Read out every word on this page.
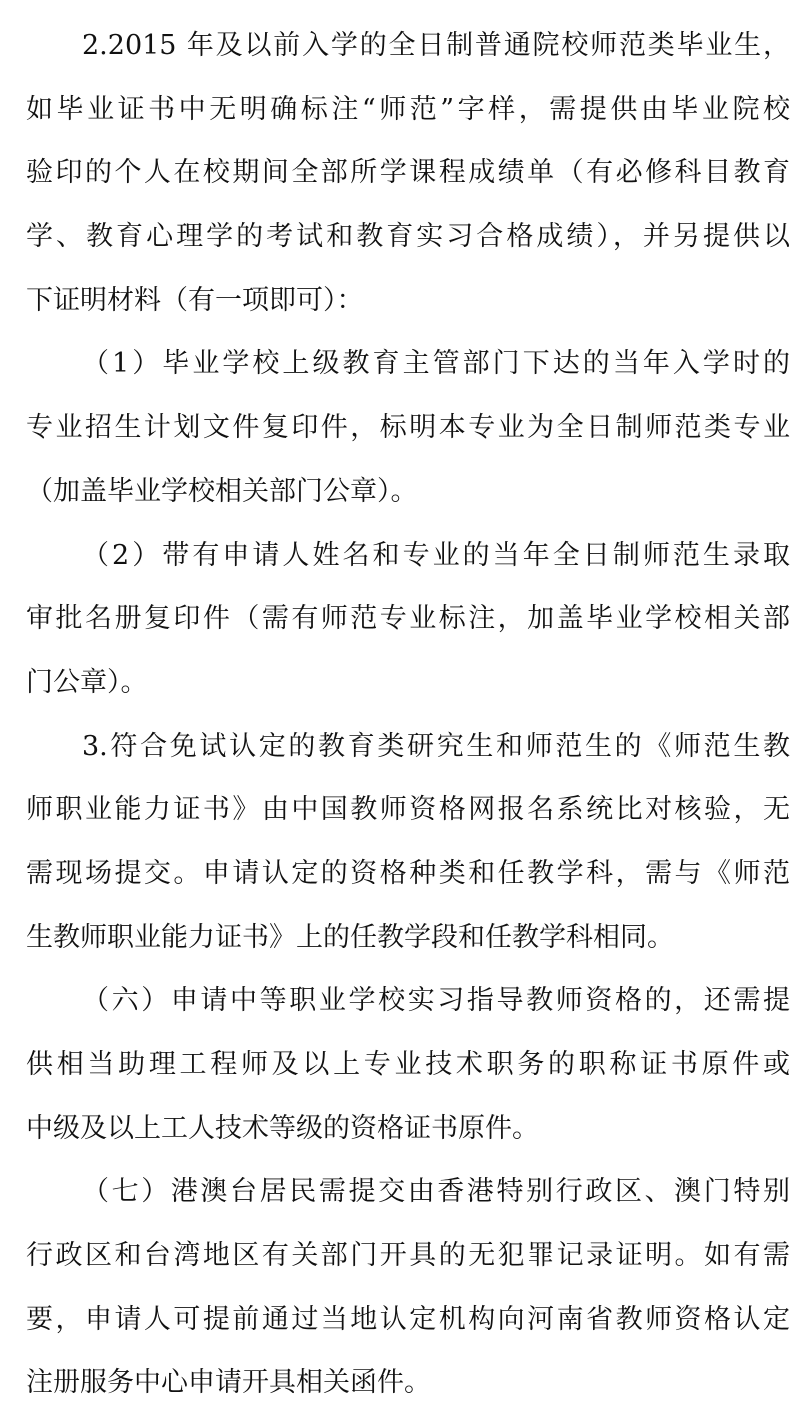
2.2015 年及以前入学的全日制普通院校师范类毕业生，
如毕业证书中无明确标注“师范”字样，需提供由毕业院校
验印的个人在校期间全部所学课程成绩单（有必修科目教育
学、教育心理学的考试和教育实习合格成绩），并另提供以
下证明材料（有一项即可）：
（1）毕业学校上级教育主管部门下达的当年入学时的
专业招生计划文件复印件，标明本专业为全日制师范类专业
（加盖毕业学校相关部门公章）。
（2）带有申请人姓名和专业的当年全日制师范生录取
审批名册复印件（需有师范专业标注，加盖毕业学校相关部
门公章）。
3.符合免试认定的教育类研究生和师范生的《师范生教
师职业能力证书》由中国教师资格网报名系统比对核验，无
需现场提交。申请认定的资格种类和任教学科，需与《师范
生教师职业能力证书》上的任教学段和任教学科相同。
（六）申请中等职业学校实习指导教师资格的，还需提
供相当助理工程师及以上专业技术职务的职称证书原件或
中级及以上工人技术等级的资格证书原件。
（七）港澳台居民需提交由香港特别行政区、澳门特别
行政区和台湾地区有关部门开具的无犯罪记录证明。如有需
要，申请人可提前通过当地认定机构向河南省教师资格认定
注册服务中心申请开具相关函件。
